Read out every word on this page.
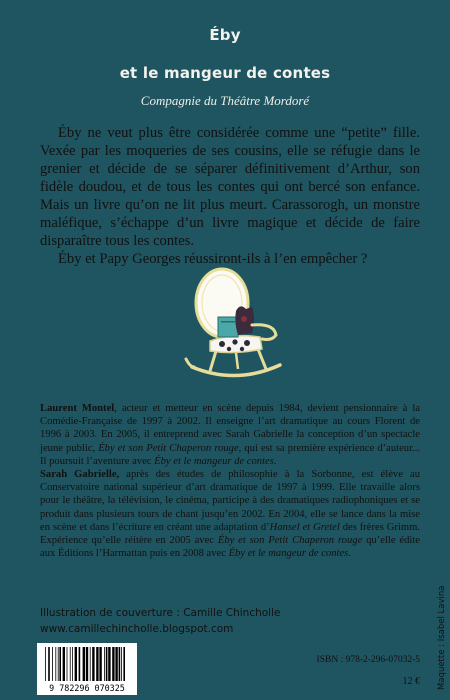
Éby
et le mangeur de contes
Compagnie du Théâtre Mordoré

Éby ne veut plus être considérée comme une “petite” fille. Vexée par les moqueries de ses cousins, elle se réfugie dans le grenier et décide de se séparer définitivement d’Arthur, son fidèle doudou, et de tous les contes qui ont bercé son enfance. Mais un livre qu’on ne lit plus meurt. Carassorogh, un monstre maléfique, s’échappe d’un livre magique et décide de faire disparaître tous les contes.

Éby et Papy Georges réussiront-ils à l’en empêcher ?

Laurent Montel, acteur et metteur en scène depuis 1984, devient pensionnaire à la Comédie-Française de 1997 à 2002. Il enseigne l’art dramatique au cours Florent de 1996 à 2003. En 2005, il entreprend avec Sarah Gabrielle la conception d’un spectacle jeune public, Éby et son Petit Chaperon rouge, qui est sa première expérience d’auteur... Il poursuit l’aventure avec Éby et le mangeur de contes.

Sarah Gabrielle, après des études de philosophie à la Sorbonne, est élève au Conservatoire national supérieur d’art dramatique de 1997 à 1999. Elle travaille alors pour le théâtre, la télévision, le cinéma, participe à des dramatiques radiophoniques et se produit dans plusieurs tours de chant jusqu’en 2002. En 2004, elle se lance dans la mise en scène et dans l’écriture en créant une adaptation d’Hansel et Gretel des frères Grimm. Expérience qu’elle réitère en 2005 avec Éby et son Petit Chaperon rouge qu’elle édite aux Éditions l’Harmattan puis en 2008 avec Éby et le mangeur de contes.

Illustration de couverture : Camille Chincholle
www.camillechincholle.blogspot.com	Maquette : Isabel Lavina
9 782296 070325
ISBN : 978-2-296-07032-5
12 €
